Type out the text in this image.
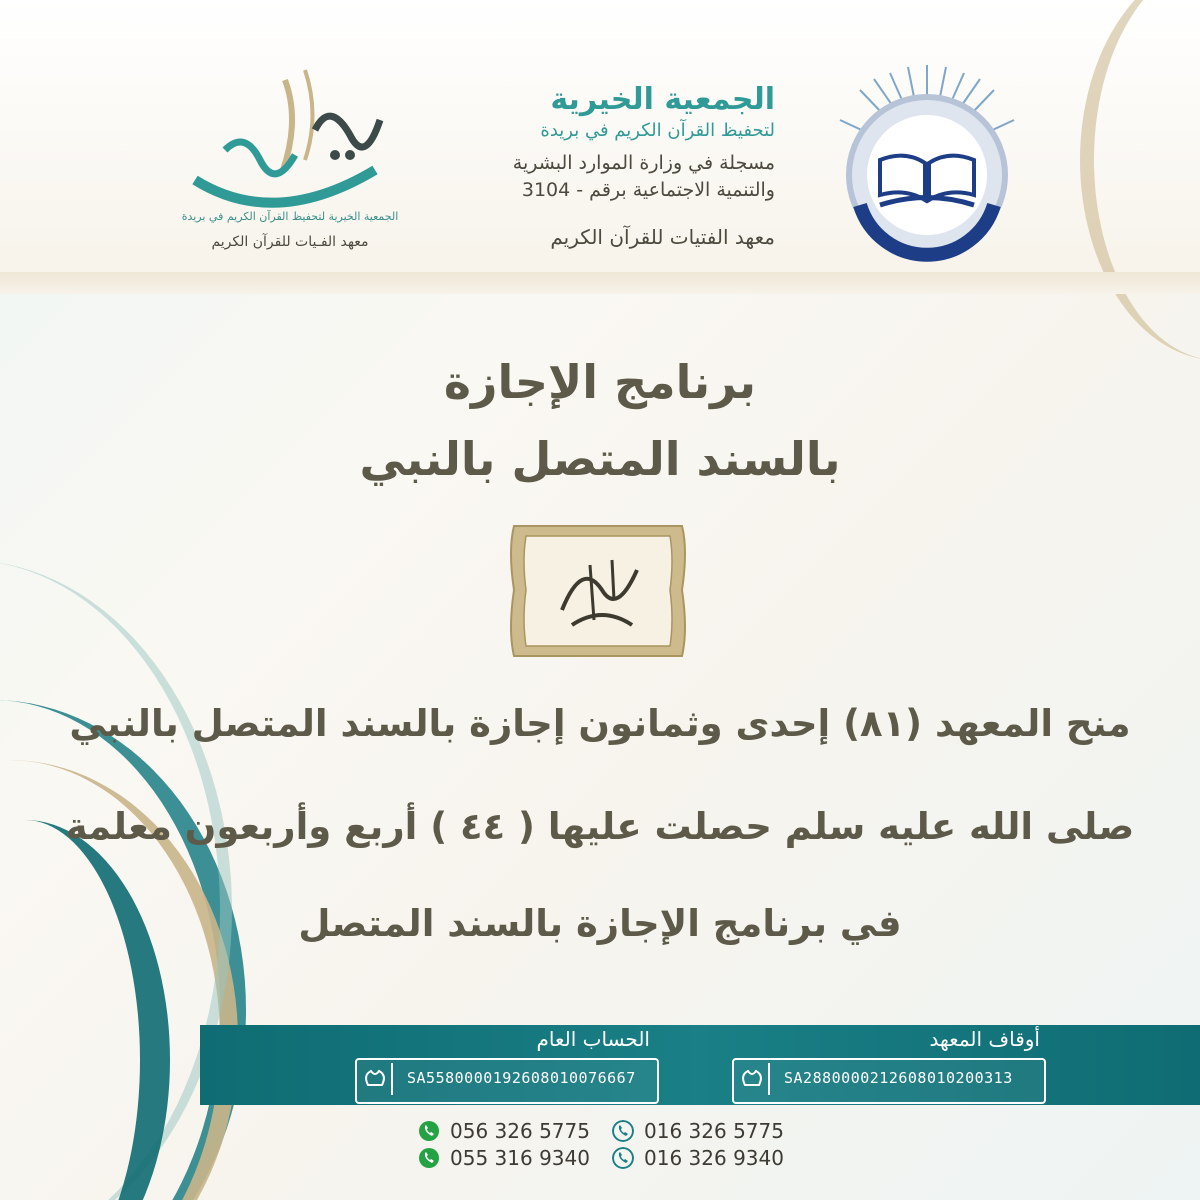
الجمعية الخيرية
لتحفيظ القرآن الكريم في بريدة
مسجلة في وزارة الموارد البشرية
والتنمية الاجتماعية برقم - 3104
معهد الفتيات للقرآن الكريم
الجمعية الخيرية لتحفيظ القرآن الكريم في بريدة
معهد الفـيات للقرآن الكريم
برنامج الإجازة
بالسند المتصل بالنبي
منح المعهد (٨١) إحدى وثمانون إجازة بالسند المتصل بالنبي
صلى الله عليه سلم حصلت عليها ( ٤٤ ) أربع وأربعون معلمة
في برنامج الإجازة بالسند المتصل
أوقاف المعهد
الحساب العام
SA2880000212608010200313
SA5580000192608010076667
016 326 5775
016 326 9340
056 326 5775
055 316 9340
